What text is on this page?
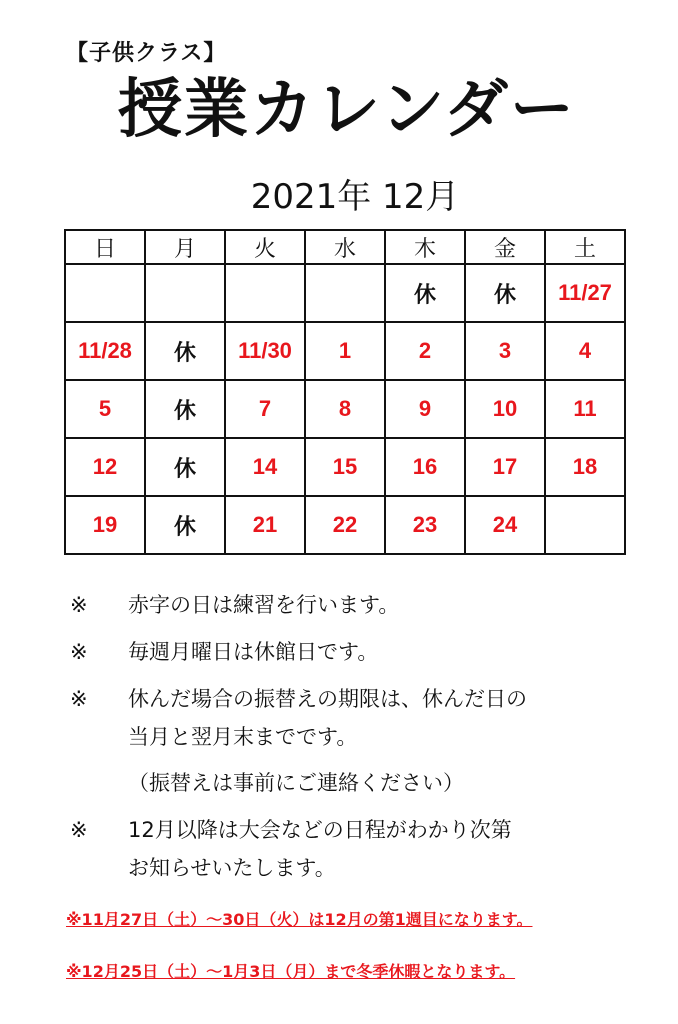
【子供クラス】
授業カレンダー
2021年 12月
日	月	火	水	木	金	土
				休	休	11/27
11/28	休	11/30	1	2	3	4
5	休	7	8	9	10	11
12	休	14	15	16	17	18
19	休	21	22	23	24	
※	赤字の日は練習を行います。
※	毎週月曜日は休館日です。
※	休んだ場合の振替えの期限は、休んだ日の
当月と翌月末までです。
（振替えは事前にご連絡ください）
※	12月以降は大会などの日程がわかり次第
お知らせいたします。
※11月27日（土）～30日（火）は12月の第1週目になります。
※12月25日（土）～1月3日（月）まで冬季休暇となります。
